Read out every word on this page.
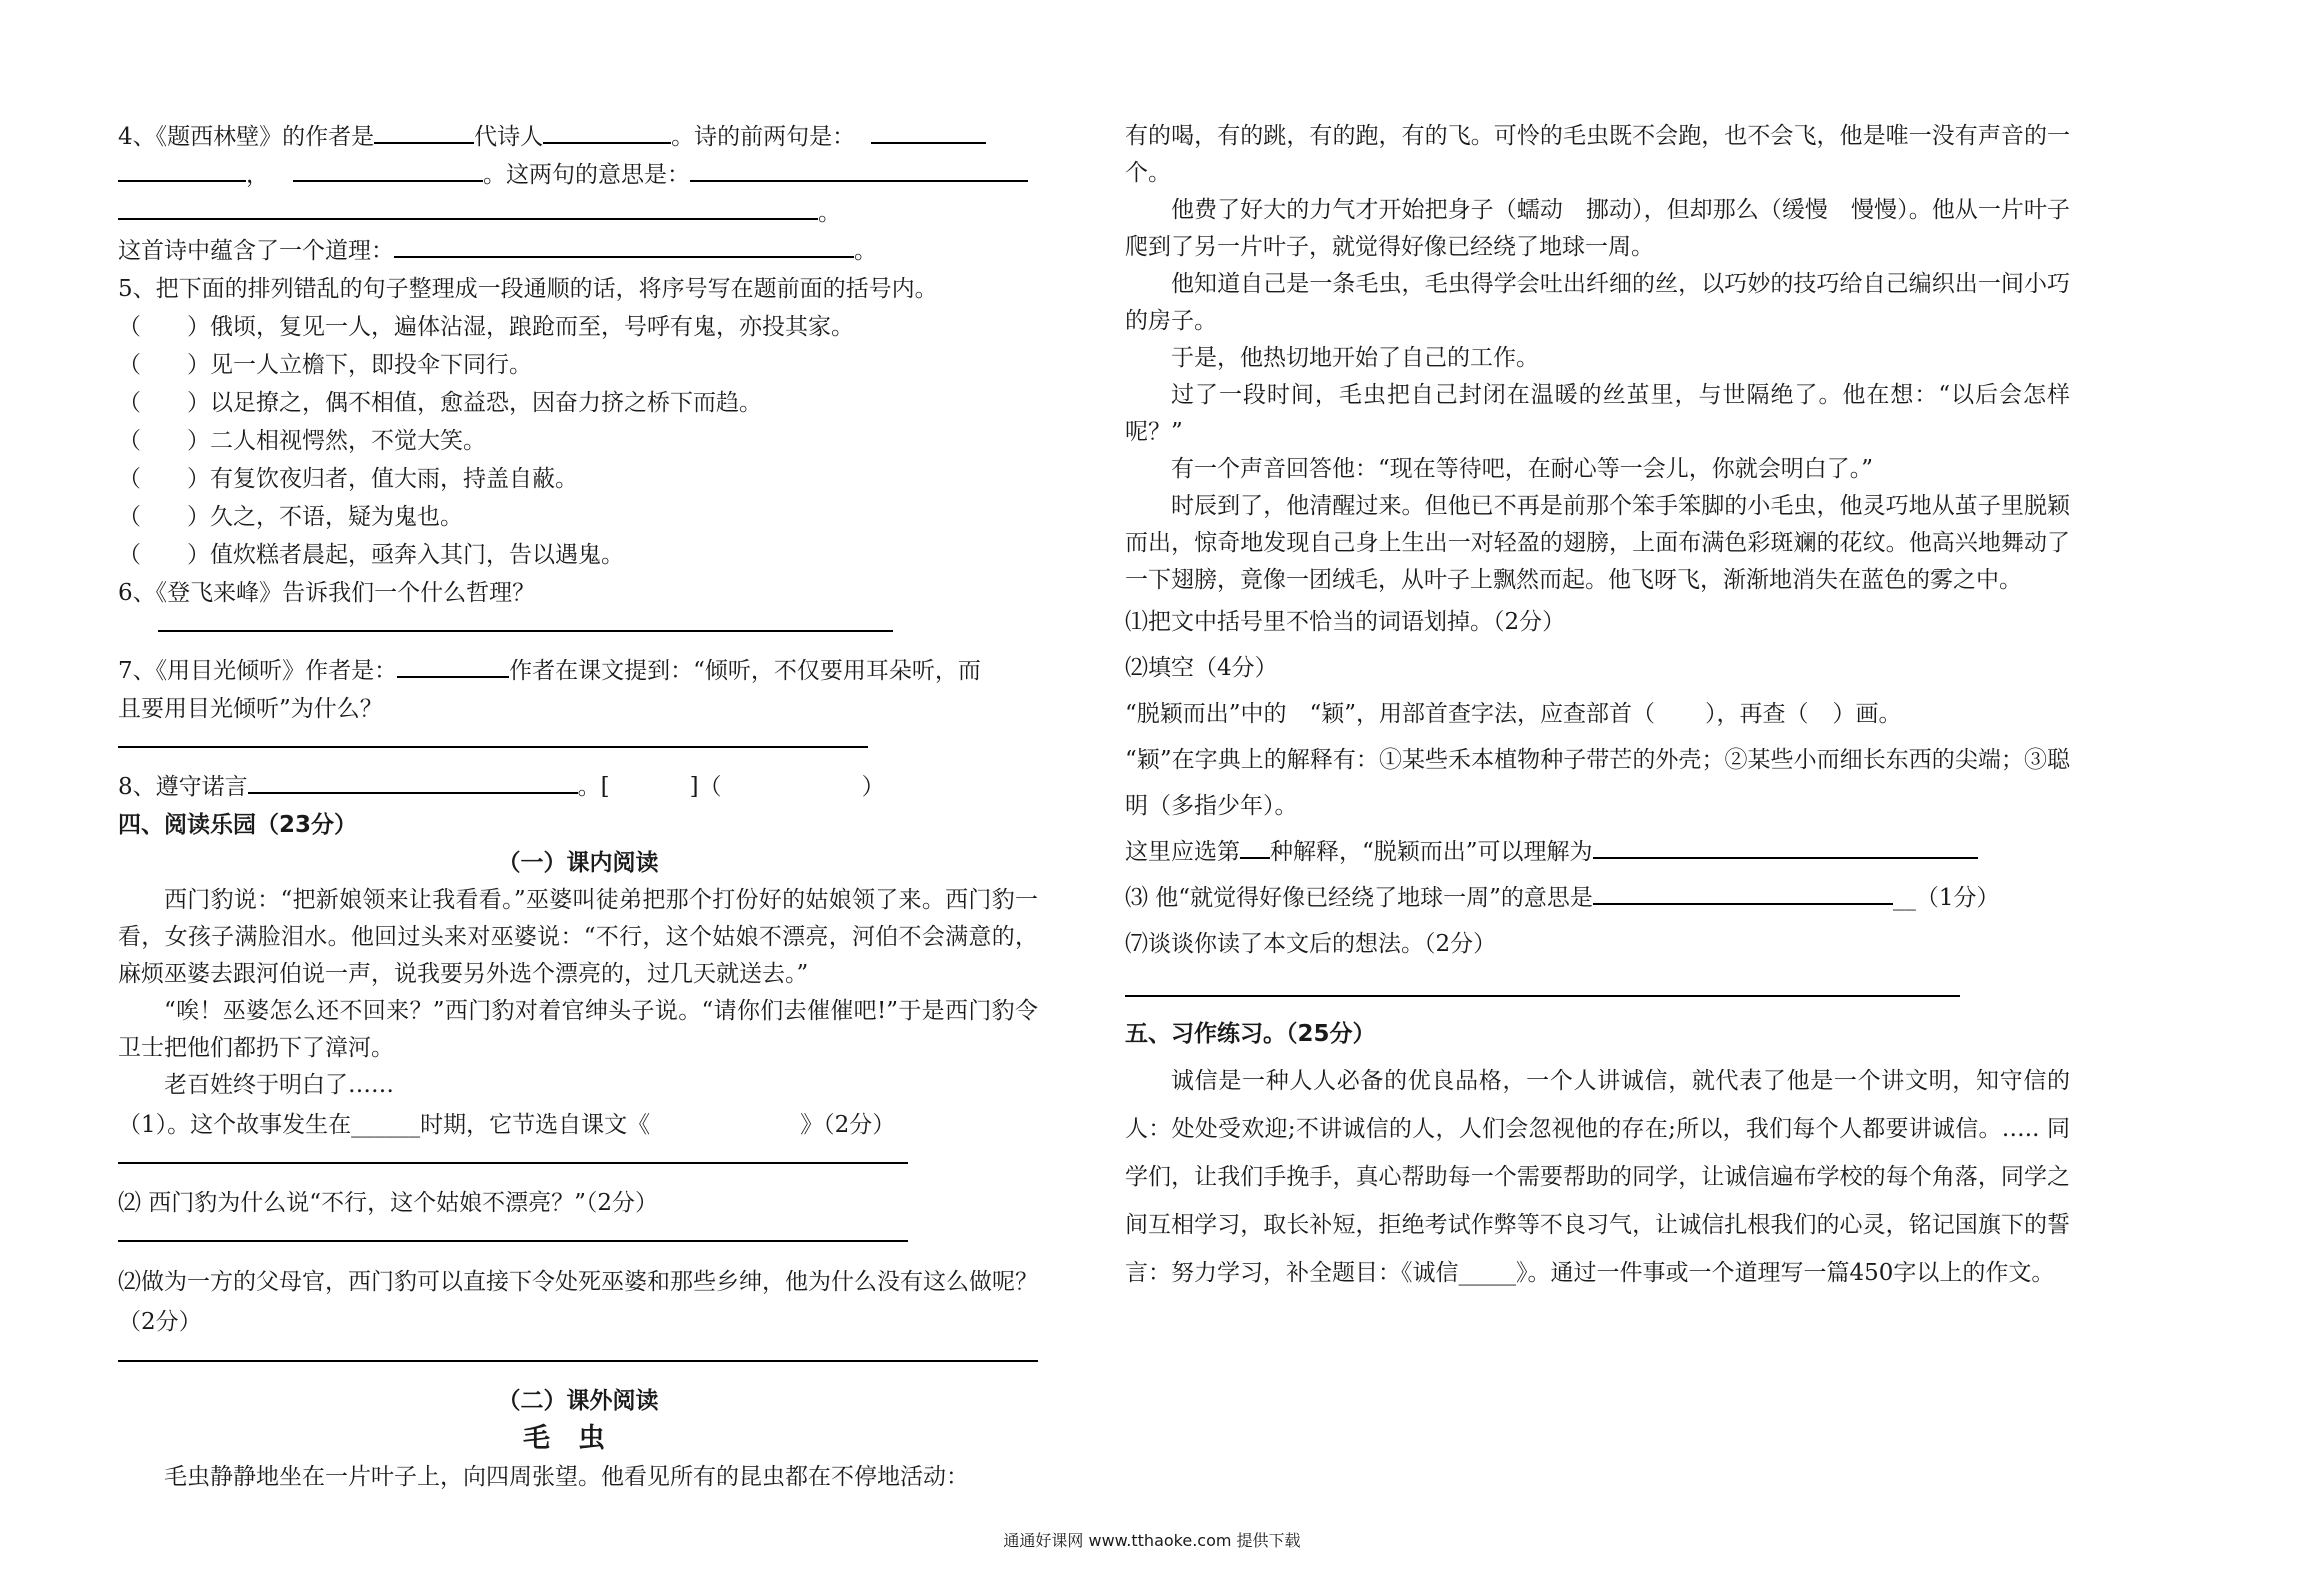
4、《题西林壁》的作者是	代诗人	。诗的前两句是：
，	。这两句的意思是：
。
这首诗中蕴含了一个道理：	。
5、把下面的排列错乱的句子整理成一段通顺的话，将序号写在题前面的括号内。
（　　）俄顷，复见一人，遍体沾湿，踉跄而至，号呼有鬼，亦投其家。
（　　）见一人立檐下，即投伞下同行。
（　　）以足撩之，偶不相值，愈益恐，因奋力挤之桥下而趋。
（　　）二人相视愕然，不觉大笑。
（　　）有复饮夜归者，值大雨，持盖自蔽。
（　　）久之，不语，疑为鬼也。
（　　）值炊糕者晨起，亟奔入其门，告以遇鬼。
6、《登飞来峰》告诉我们一个什么哲理？
7、《用目光倾听》作者是：	作者在课文提到：“倾听，不仅要用耳朵听，而
且要用目光倾听”为什么？
8、遵守诺言	。[	]（	）
四、阅读乐园（23分）
（一）课内阅读
西门豹说：“把新娘领来让我看看。”巫婆叫徒弟把那个打份好的姑娘领了来。西门豹一看，女孩子满脸泪水。他回过头来对巫婆说：“不行，这个姑娘不漂亮，河伯不会满意的，麻烦巫婆去跟河伯说一声，说我要另外选个漂亮的，过几天就送去。”
“唉！巫婆怎么还不回来？”西门豹对着官绅头子说。“请你们去催催吧!”于是西门豹令卫士把他们都扔下了漳河。
老百姓终于明白了……
（1）。这个故事发生在______时期，它节选自课文《	》（2分）
⑵ 西门豹为什么说“不行，这个姑娘不漂亮？”（2分）
⑵做为一方的父母官，西门豹可以直接下令处死巫婆和那些乡绅，他为什么没有这么做呢？（2分）
（二）课外阅读
毛虫
毛虫静静地坐在一片叶子上，向四周张望。他看见所有的昆虫都在不停地活动：
有的喝，有的跳，有的跑，有的飞。可怜的毛虫既不会跑，也不会飞，他是唯一没有声音的一个。
他费了好大的力气才开始把身子（蠕动　挪动），但却那么（缓慢　慢慢）。他从一片叶子爬到了另一片叶子，就觉得好像已经绕了地球一周。
他知道自己是一条毛虫，毛虫得学会吐出纤细的丝，以巧妙的技巧给自己编织出一间小巧的房子。
于是，他热切地开始了自己的工作。
过了一段时间，毛虫把自己封闭在温暖的丝茧里，与世隔绝了。他在想：“以后会怎样呢？”
有一个声音回答他：“现在等待吧，在耐心等一会儿，你就会明白了。”
时辰到了，他清醒过来。但他已不再是前那个笨手笨脚的小毛虫，他灵巧地从茧子里脱颖而出，惊奇地发现自己身上生出一对轻盈的翅膀，上面布满色彩斑斓的花纹。他高兴地舞动了一下翅膀，竟像一团绒毛，从叶子上飘然而起。他飞呀飞，渐渐地消失在蓝色的雾之中。
⑴把文中括号里不恰当的词语划掉。（2分）
⑵填空（4分）
“脱颖而出”中的　“颖”，用部首查字法，应查部首（ ），再查（ ）画。
“颖”在字典上的解释有：①某些禾本植物种子带芒的外壳；②某些小而细长东西的尖端；③聪明（多指少年）。
这里应选第 种解释，“脱颖而出”可以理解为
⑶ 他“就觉得好像已经绕了地球一周”的意思是	__（1分）
⑺谈谈你读了本文后的想法。（2分）
五、习作练习。（25分）
诚信是一种人人必备的优良品格，一个人讲诚信，就代表了他是一个讲文明，知守信的人：处处受欢迎;不讲诚信的人，人们会忽视他的存在;所以，我们每个人都要讲诚信。….. 同学们，让我们手挽手，真心帮助每一个需要帮助的同学，让诚信遍布学校的每个角落，同学之间互相学习，取长补短，拒绝考试作弊等不良习气，让诚信扎根我们的心灵，铭记国旗下的誓言：努力学习，补全题目：《诚信_____》。通过一件事或一个道理写一篇450字以上的作文。
通通好课网 www.tthaoke.com 提供下载
